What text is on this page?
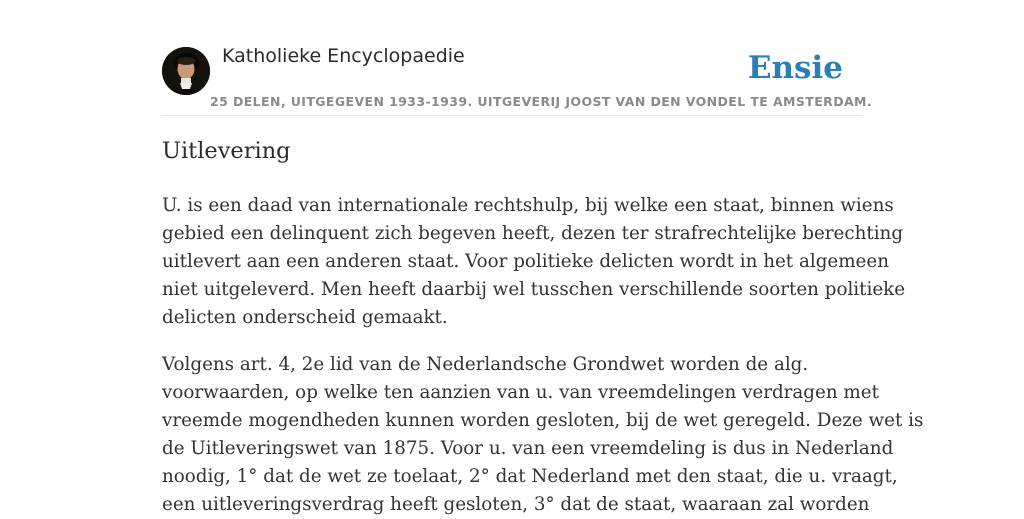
Katholieke Encyclopaedie	Ensie
25 DELEN, UITGEGEVEN 1933-1939. UITGEVERIJ JOOST VAN DEN VONDEL TE AMSTERDAM.
Uitlevering

U. is een daad van internationale rechtshulp, bij welke een staat, binnen wiens
gebied een delinquent zich begeven heeft, dezen ter strafrechtelijke berechting
uitlevert aan een anderen staat. Voor politieke delicten wordt in het algemeen
niet uitgeleverd. Men heeft daarbij wel tusschen verschillende soorten politieke
delicten onderscheid gemaakt.

Volgens art. 4, 2e lid van de Nederlandsche Grondwet worden de alg.
voorwaarden, op welke ten aanzien van u. van vreemdelingen verdragen met
vreemde mogendheden kunnen worden gesloten, bij de wet geregeld. Deze wet is
de Uitleveringswet van 1875. Voor u. van een vreemdeling is dus in Nederland
noodig, 1° dat de wet ze toelaat, 2° dat Nederland met den staat, die u. vraagt,
een uitleveringsverdrag heeft gesloten, 3° dat de staat, waaraan zal worden
